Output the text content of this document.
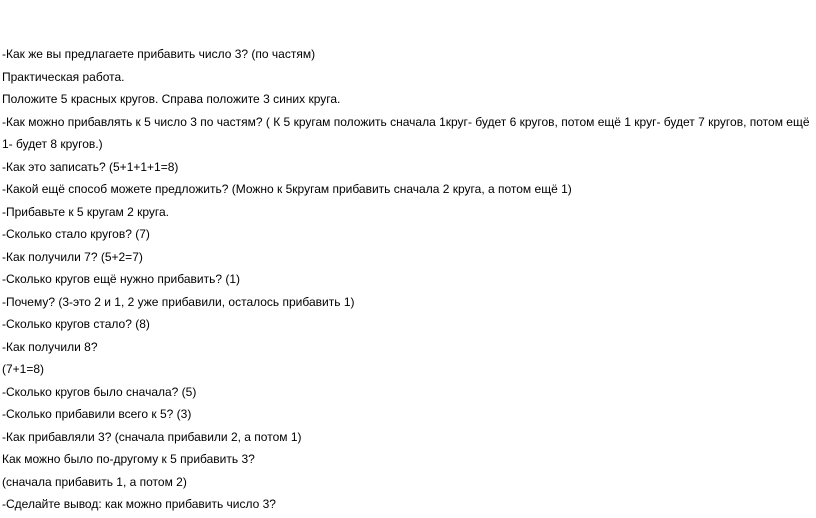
-Как же вы предлагаете прибавить число 3? (по частям)
Практическая работа.
Положите 5 красных кругов. Справа положите 3 синих круга.
-Как можно прибавлять к 5 число 3 по частям? ( К 5 кругам положить сначала 1круг- будет 6 кругов, потом ещё 1 круг- будет 7 кругов, потом ещё 1- будет 8 кругов.)
-Как это записать? (5+1+1+1=8)
-Какой ещё способ можете предложить? (Можно к 5кругам прибавить сначала 2 круга, а потом ещё 1)
-Прибавьте к 5 кругам 2 круга.
-Сколько стало кругов? (7)
-Как получили 7? (5+2=7)
-Сколько кругов ещё нужно прибавить? (1)
-Почему? (3-это 2 и 1, 2 уже прибавили, осталось прибавить 1)
-Сколько кругов стало? (8)
-Как получили 8?
(7+1=8)
-Сколько кругов было сначала? (5)
-Сколько прибавили всего к 5? (3)
-Как прибавляли 3? (сначала прибавили 2, а потом 1)
Как можно было по-другому к 5 прибавить 3?
(сначала прибавить 1, а потом 2)
-Сделайте вывод: как можно прибавить число 3?
